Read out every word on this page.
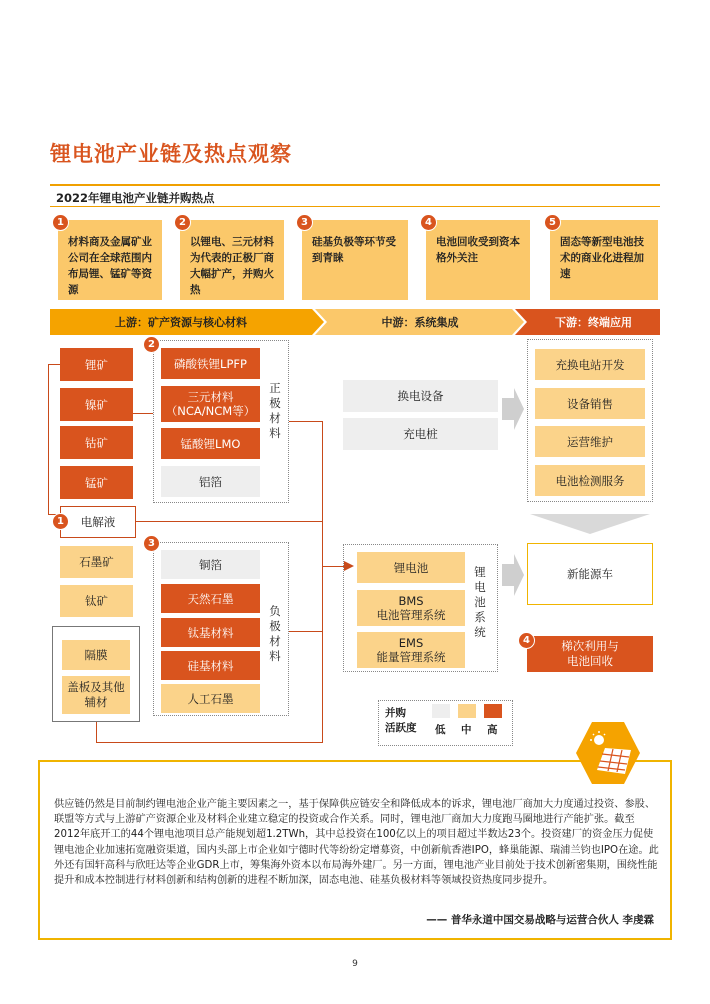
锂电池产业链及热点观察
2022年锂电池产业链并购热点
1
材料商及金属矿业公司在全球范围内布局锂、锰矿等资源
2
以锂电、三元材料为代表的正极厂商大幅扩产，并购火热
3
硅基负极等环节受到青睐
4
电池回收受到资本格外关注
5
固态等新型电池技术的商业化进程加速
上游：矿产资源与核心材料	中游：系统集成	下游：终端应用
锂矿
镍矿
钴矿
锰矿
电解液
1
石墨矿
钛矿
隔膜
盖板及其他辅材
2
磷酸铁锂LPFP
三元材料（NCA/NCM等）
锰酸锂LMO
铝箔
正极材料
3
铜箔
天然石墨
钛基材料
硅基材料
人工石墨
负极材料
换电设备
充电桩
锂电池
BMS
电池管理系统
EMS
能量管理系统
锂电池系统
充换电站开发
设备销售
运营维护
电池检测服务
新能源车
梯次利用与
电池回收
4
并购
活跃度 低 中 高
供应链仍然是目前制约锂电池企业产能主要因素之一，基于保障供应链安全和降低成本的诉求，锂电池厂商加大力度通过投资、参股、联盟等方式与上游矿产资源企业及材料企业建立稳定的投资或合作关系。同时，锂电池厂商加大力度跑马圈地进行产能扩张。截至2012年底开工的44个锂电池项目总产能规划超1.2TWh，其中总投资在100亿以上的项目超过半数达23个。投资建厂的资金压力促使锂电池企业加速拓宽融资渠道，国内头部上市企业如宁德时代等纷纷定增募资，中创新航香港IPO，蜂巢能源、瑞浦兰钧也IPO在途。此外还有国轩高科与欣旺达等企业GDR上市，筹集海外资本以布局海外建厂。另一方面，锂电池产业目前处于技术创新密集期，围绕性能提升和成本控制进行材料创新和结构创新的进程不断加深，固态电池、硅基负极材料等领域投资热度同步提升。
—— 普华永道中国交易战略与运营合伙人 李虔霖
9
